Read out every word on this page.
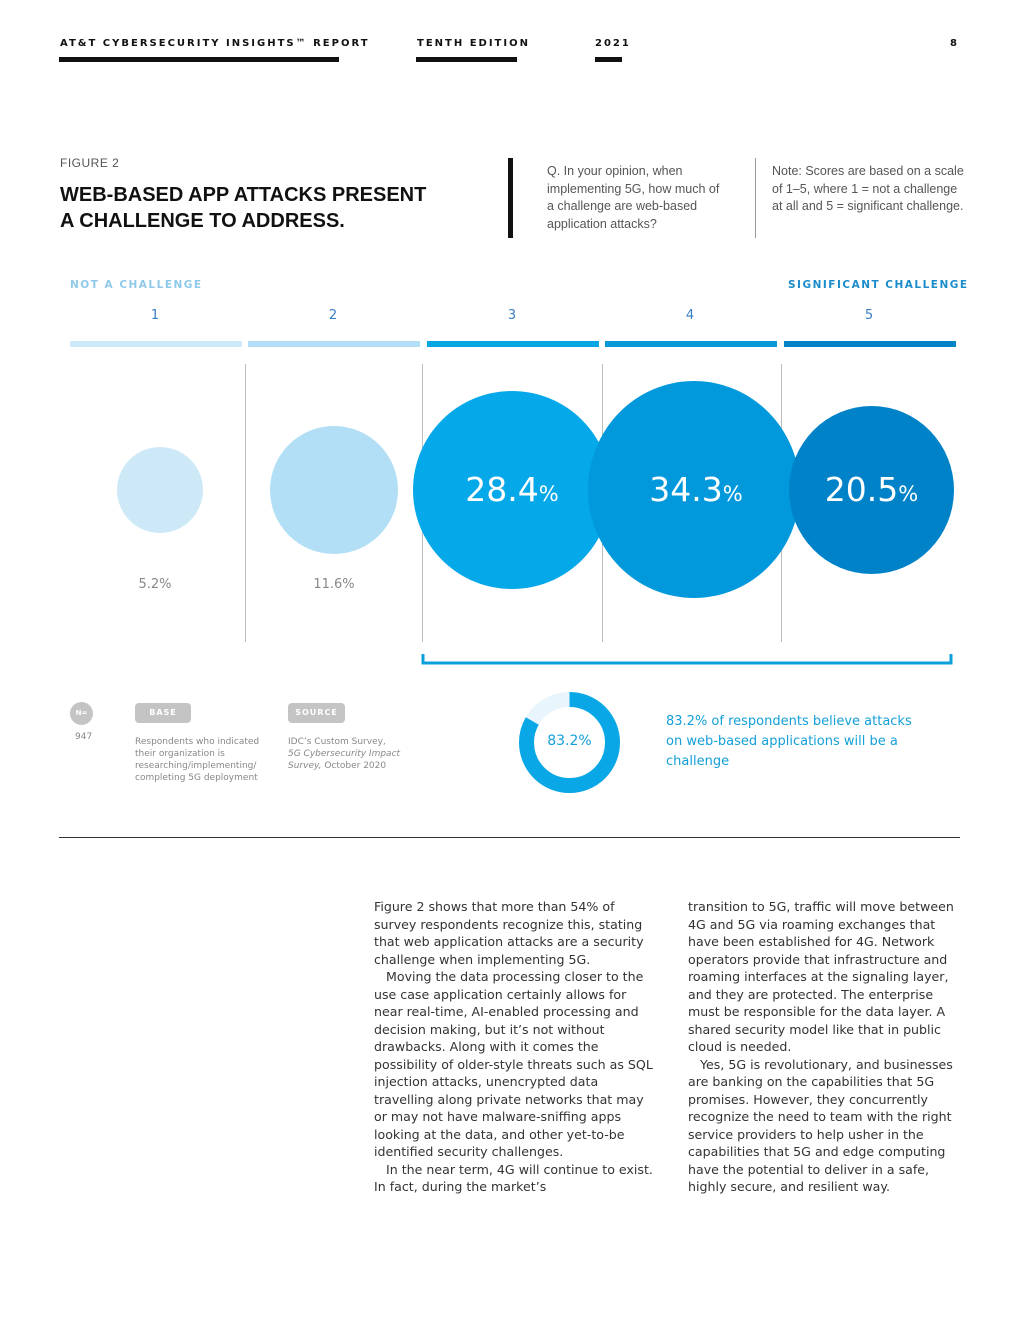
AT&T CYBERSECURITY INSIGHTS™ REPORT	TENTH EDITION	2021	8
FIGURE 2
WEB-BASED APP ATTACKS PRESENT A CHALLENGE TO ADDRESS.
Q. In your opinion, when implementing 5G, how much of a challenge are web-based application attacks?
Note: Scores are based on a scale of 1–5, where 1 = not a challenge at all and 5 = significant challenge.
NOT A CHALLENGE	SIGNIFICANT CHALLENGE
1	2	3	4	5
28.4%	34.3%	20.5%
5.2%	11.6%
N=
947
BASE
Respondents who indicated their organization is researching/implementing/ completing 5G deployment
SOURCE
IDC’s Custom Survey,
5G Cybersecurity Impact Survey, October 2020
83.2%
83.2% of respondents believe attacks on web-based applications will be a challenge

Figure 2 shows that more than 54% of survey respondents recognize this, stating that web application attacks are a security challenge when implementing 5G.

Moving the data processing closer to the use case application certainly allows for near real-time, AI-enabled processing and decision making, but it’s not without drawbacks. Along with it comes the possibility of older-style threats such as SQL injection attacks, unencrypted data travelling along private networks that may or may not have malware-sniffing apps looking at the data, and other yet-to-be identified security challenges.

In the near term, 4G will continue to exist. In fact, during the market’s

transition to 5G, traffic will move between 4G and 5G via roaming exchanges that have been established for 4G. Network operators provide that infrastructure and roaming interfaces at the signaling layer, and they are protected. The enterprise must be responsible for the data layer. A shared security model like that in public cloud is needed.

Yes, 5G is revolutionary, and businesses are banking on the capabilities that 5G promises. However, they concurrently recognize the need to team with the right service providers to help usher in the capabilities that 5G and edge computing have the potential to deliver in a safe, highly secure, and resilient way.
